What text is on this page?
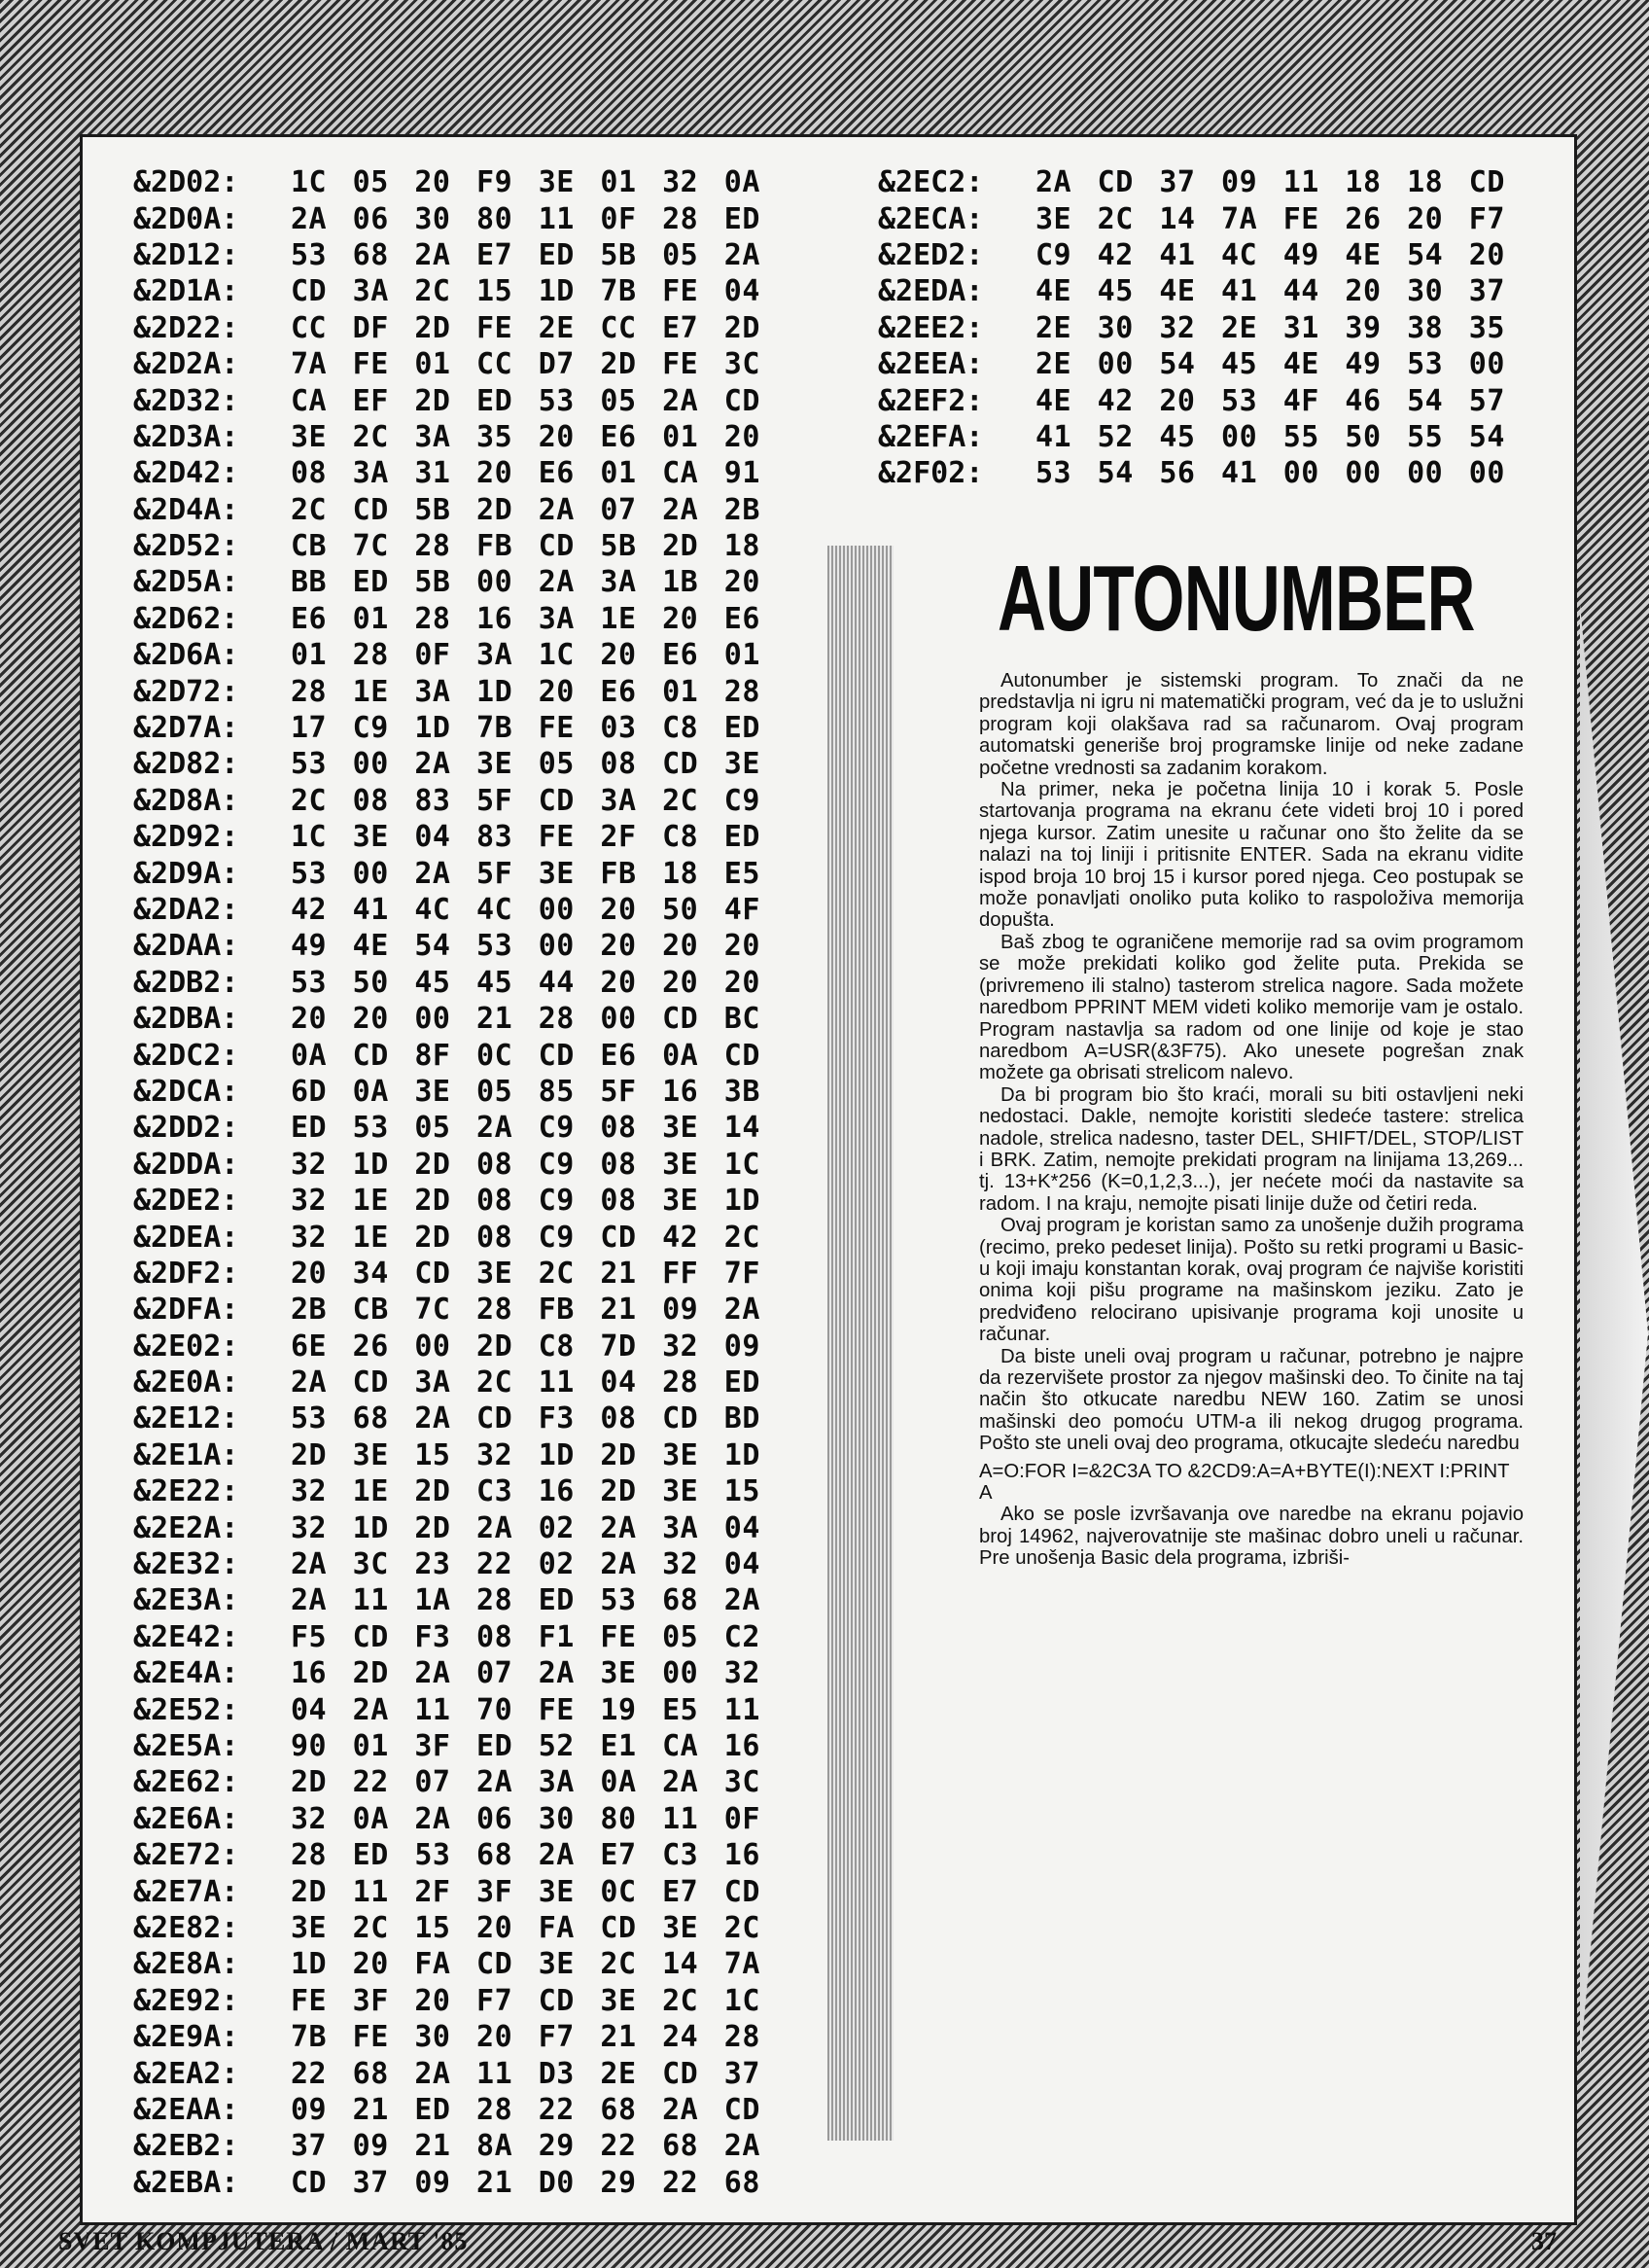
&2D02:	1C 05 20 F9 3E 01 32 0A
&2D0A:	2A 06 30 80 11 0F 28 ED
&2D12:	53 68 2A E7 ED 5B 05 2A
&2D1A:	CD 3A 2C 15 1D 7B FE 04
&2D22:	CC DF 2D FE 2E CC E7 2D
&2D2A:	7A FE 01 CC D7 2D FE 3C
&2D32:	CA EF 2D ED 53 05 2A CD
&2D3A:	3E 2C 3A 35 20 E6 01 20
&2D42:	08 3A 31 20 E6 01 CA 91
&2D4A:	2C CD 5B 2D 2A 07 2A 2B
&2D52:	CB 7C 28 FB CD 5B 2D 18
&2D5A:	BB ED 5B 00 2A 3A 1B 20
&2D62:	E6 01 28 16 3A 1E 20 E6
&2D6A:	01 28 0F 3A 1C 20 E6 01
&2D72:	28 1E 3A 1D 20 E6 01 28
&2D7A:	17 C9 1D 7B FE 03 C8 ED
&2D82:	53 00 2A 3E 05 08 CD 3E
&2D8A:	2C 08 83 5F CD 3A 2C C9
&2D92:	1C 3E 04 83 FE 2F C8 ED
&2D9A:	53 00 2A 5F 3E FB 18 E5
&2DA2:	42 41 4C 4C 00 20 50 4F
&2DAA:	49 4E 54 53 00 20 20 20
&2DB2:	53 50 45 45 44 20 20 20
&2DBA:	20 20 00 21 28 00 CD BC
&2DC2:	0A CD 8F 0C CD E6 0A CD
&2DCA:	6D 0A 3E 05 85 5F 16 3B
&2DD2:	ED 53 05 2A C9 08 3E 14
&2DDA:	32 1D 2D 08 C9 08 3E 1C
&2DE2:	32 1E 2D 08 C9 08 3E 1D
&2DEA:	32 1E 2D 08 C9 CD 42 2C
&2DF2:	20 34 CD 3E 2C 21 FF 7F
&2DFA:	2B CB 7C 28 FB 21 09 2A
&2E02:	6E 26 00 2D C8 7D 32 09
&2E0A:	2A CD 3A 2C 11 04 28 ED
&2E12:	53 68 2A CD F3 08 CD BD
&2E1A:	2D 3E 15 32 1D 2D 3E 1D
&2E22:	32 1E 2D C3 16 2D 3E 15
&2E2A:	32 1D 2D 2A 02 2A 3A 04
&2E32:	2A 3C 23 22 02 2A 32 04
&2E3A:	2A 11 1A 28 ED 53 68 2A
&2E42:	F5 CD F3 08 F1 FE 05 C2
&2E4A:	16 2D 2A 07 2A 3E 00 32
&2E52:	04 2A 11 70 FE 19 E5 11
&2E5A:	90 01 3F ED 52 E1 CA 16
&2E62:	2D 22 07 2A 3A 0A 2A 3C
&2E6A:	32 0A 2A 06 30 80 11 0F
&2E72:	28 ED 53 68 2A E7 C3 16
&2E7A:	2D 11 2F 3F 3E 0C E7 CD
&2E82:	3E 2C 15 20 FA CD 3E 2C
&2E8A:	1D 20 FA CD 3E 2C 14 7A
&2E92:	FE 3F 20 F7 CD 3E 2C 1C
&2E9A:	7B FE 30 20 F7 21 24 28
&2EA2:	22 68 2A 11 D3 2E CD 37
&2EAA:	09 21 ED 28 22 68 2A CD
&2EB2:	37 09 21 8A 29 22 68 2A
&2EBA:	CD 37 09 21 D0 29 22 68
&2EC2:	2A CD 37 09 11 18 18 CD
&2ECA:	3E 2C 14 7A FE 26 20 F7
&2ED2:	C9 42 41 4C 49 4E 54 20
&2EDA:	4E 45 4E 41 44 20 30 37
&2EE2:	2E 30 32 2E 31 39 38 35
&2EEA:	2E 00 54 45 4E 49 53 00
&2EF2:	4E 42 20 53 4F 46 54 57
&2EFA:	41 52 45 00 55 50 55 54
&2F02:	53 54 56 41 00 00 00 00
AUTONUMBER

Autonumber je sistemski program. To znači da ne predstavlja ni igru ni matematički program, već da je to uslužni program koji olakšava rad sa računarom. Ovaj program automatski generiše broj programske linije od neke zadane početne vrednosti sa zadanim korakom.

Na primer, neka je početna linija 10 i korak 5. Posle startovanja programa na ekranu ćete videti broj 10 i pored njega kursor. Zatim unesite u računar ono što želite da se nalazi na toj liniji i pritisnite ENTER. Sada na ekranu vidite ispod broja 10 broj 15 i kursor pored njega. Ceo postupak se može ponavljati onoliko puta koliko to raspoloživa memorija dopušta.

Baš zbog te ograničene memorije rad sa ovim programom se može prekidati koliko god želite puta. Prekida se (privremeno ili stalno) tasterom strelica nagore. Sada možete naredbom PPRINT MEM videti koliko memorije vam je ostalo. Program nastavlja sa radom od one linije od koje je stao naredbom A=USR(&3F75). Ako unesete pogrešan znak možete ga obrisati strelicom nalevo.

Da bi program bio što kraći, morali su biti ostavljeni neki nedostaci. Dakle, nemojte koristiti sledeće tastere: strelica nadole, strelica nadesno, taster DEL, SHIFT/DEL, STOP/LIST i BRK. Zatim, nemojte prekidati program na linijama 13,269... tj. 13+K*256 (K=0,1,2,3...), jer nećete moći da nastavite sa radom. I na kraju, nemojte pisati linije duže od četiri reda.

Ovaj program je koristan samo za unošenje dužih programa (recimo, preko pedeset linija). Pošto su retki programi u Basic-u koji imaju konstantan korak, ovaj program će najviše koristiti onima koji pišu programe na mašinskom jeziku. Zato je predviđeno relocirano upisivanje programa koji unosite u računar.

Da biste uneli ovaj program u računar, potrebno je najpre da rezervišete prostor za njegov mašinski deo. To činite na taj način što otkucate naredbu NEW 160. Zatim se unosi mašinski deo pomoću UTM-a ili nekog drugog programa. Pošto ste uneli ovaj deo programa, otkucajte sledeću naredbu

A=O:FOR I=&2C3A TO &2CD9:A=A+BYTE(I):NEXT I:PRINT A

Ako se posle izvršavanja ove naredbe na ekranu pojavio broj 14962, najverovatnije ste mašinac dobro uneli u računar. Pre unošenja Basic dela programa, izbriši-

SVET KOMPJUTERA / MART '85	37
